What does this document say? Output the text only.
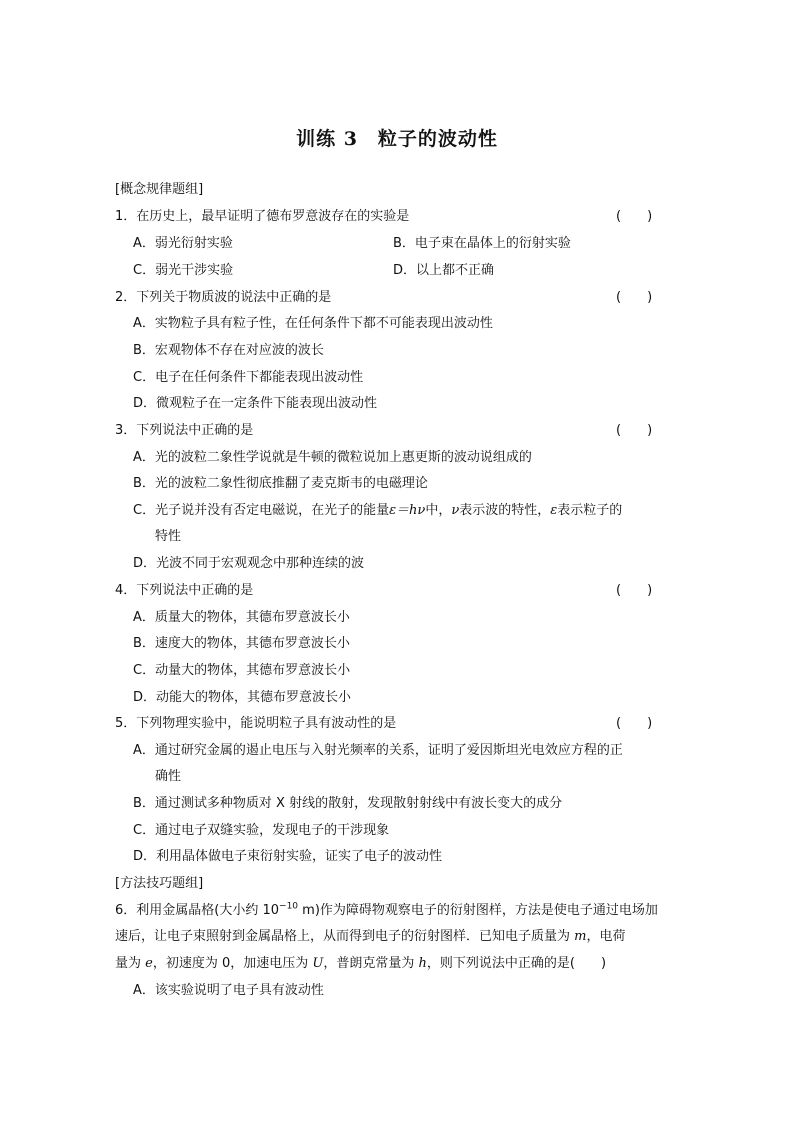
训练 3　粒子的波动性
[概念规律题组]
1．在历史上，最早证明了德布罗意波存在的实验是	(　　)
A．弱光衍射实验	B．电子束在晶体上的衍射实验
C．弱光干涉实验	D．以上都不正确
2．下列关于物质波的说法中正确的是	(　　)
A．实物粒子具有粒子性，在任何条件下都不可能表现出波动性
B．宏观物体不存在对应波的波长
C．电子在任何条件下都能表现出波动性
D．微观粒子在一定条件下能表现出波动性
3．下列说法中正确的是	(　　)
A．光的波粒二象性学说就是牛顿的微粒说加上惠更斯的波动说组成的
B．光的波粒二象性彻底推翻了麦克斯韦的电磁理论
C．光子说并没有否定电磁说，在光子的能量ε＝hν中，ν表示波的特性，ε表示粒子的
特性
D．光波不同于宏观观念中那种连续的波
4．下列说法中正确的是	(　　)
A．质量大的物体，其德布罗意波长小
B．速度大的物体，其德布罗意波长小
C．动量大的物体，其德布罗意波长小
D．动能大的物体，其德布罗意波长小
5．下列物理实验中，能说明粒子具有波动性的是	(　　)
A．通过研究金属的遏止电压与入射光频率的关系，证明了爱因斯坦光电效应方程的正
确性
B．通过测试多种物质对 X 射线的散射，发现散射射线中有波长变大的成分
C．通过电子双缝实验，发现电子的干涉现象
D．利用晶体做电子束衍射实验，证实了电子的波动性
[方法技巧题组]
6．利用金属晶格(大小约 $10^{-10}$ m)作为障碍物观察电子的衍射图样，方法是使电子通过电场加
速后，让电子束照射到金属晶格上，从而得到电子的衍射图样．已知电子质量为 m，电荷
量为 e，初速度为 0，加速电压为 U，普朗克常量为 h，则下列说法中正确的是(　　)
A．该实验说明了电子具有波动性
